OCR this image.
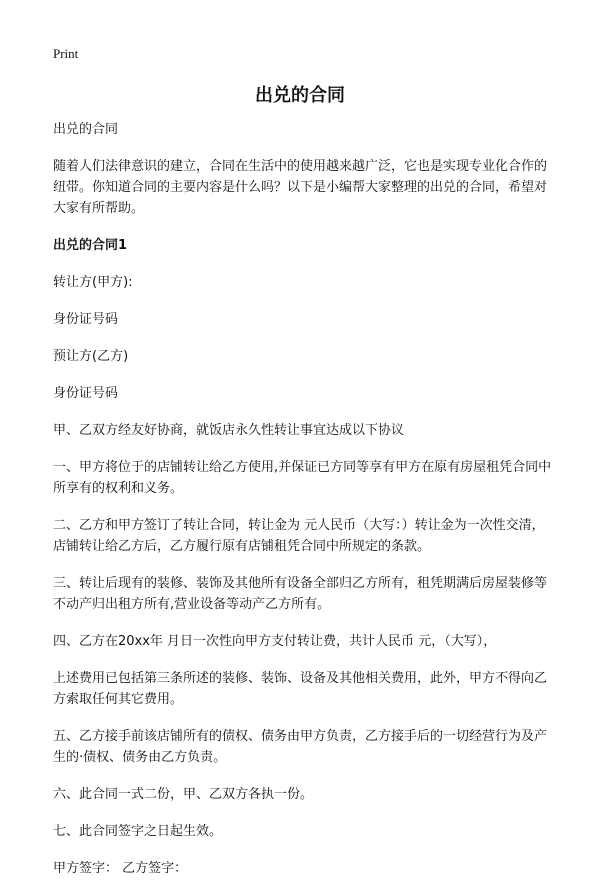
Print
出兑的合同

出兑的合同

随着人们法律意识的建立，合同在生活中的使用越来越广泛，它也是实现专业化合作的纽带。你知道合同的主要内容是什么吗？以下是小编帮大家整理的出兑的合同，希望对大家有所帮助。

出兑的合同1

转让方(甲方):

身份证号码

预让方(乙方)

身份证号码

甲、乙双方经友好协商，就饭店永久性转让事宜达成以下协议

一、甲方将位于的店铺转让给乙方使用,并保证已方同等享有甲方在原有房屋租凭合同中所享有的权利和义务。

二、乙方和甲方签订了转让合同，转让金为 元人民币（大写：）转让金为一次性交清，店铺转让给乙方后，乙方履行原有店铺租凭合同中所规定的条款。

三、转让后现有的装修、装饰及其他所有设备全部归乙方所有，租凭期满后房屋装修等不动产归出租方所有,营业设备等动产乙方所有。

四、乙方在20xx年 月日一次性向甲方支付转让费，共计人民币 元，（大写），

上述费用已包括第三条所述的装修、装饰、设备及其他相关费用，此外，甲方不得向乙方索取任何其它费用。

五、乙方接手前该店铺所有的债权、债务由甲方负责，乙方接手后的一切经营行为及产生的·债权、债务由乙方负责。

六、此合同一式二份，甲、乙双方各执一份。

七、此合同签字之日起生效。

甲方签字： 乙方签字：
